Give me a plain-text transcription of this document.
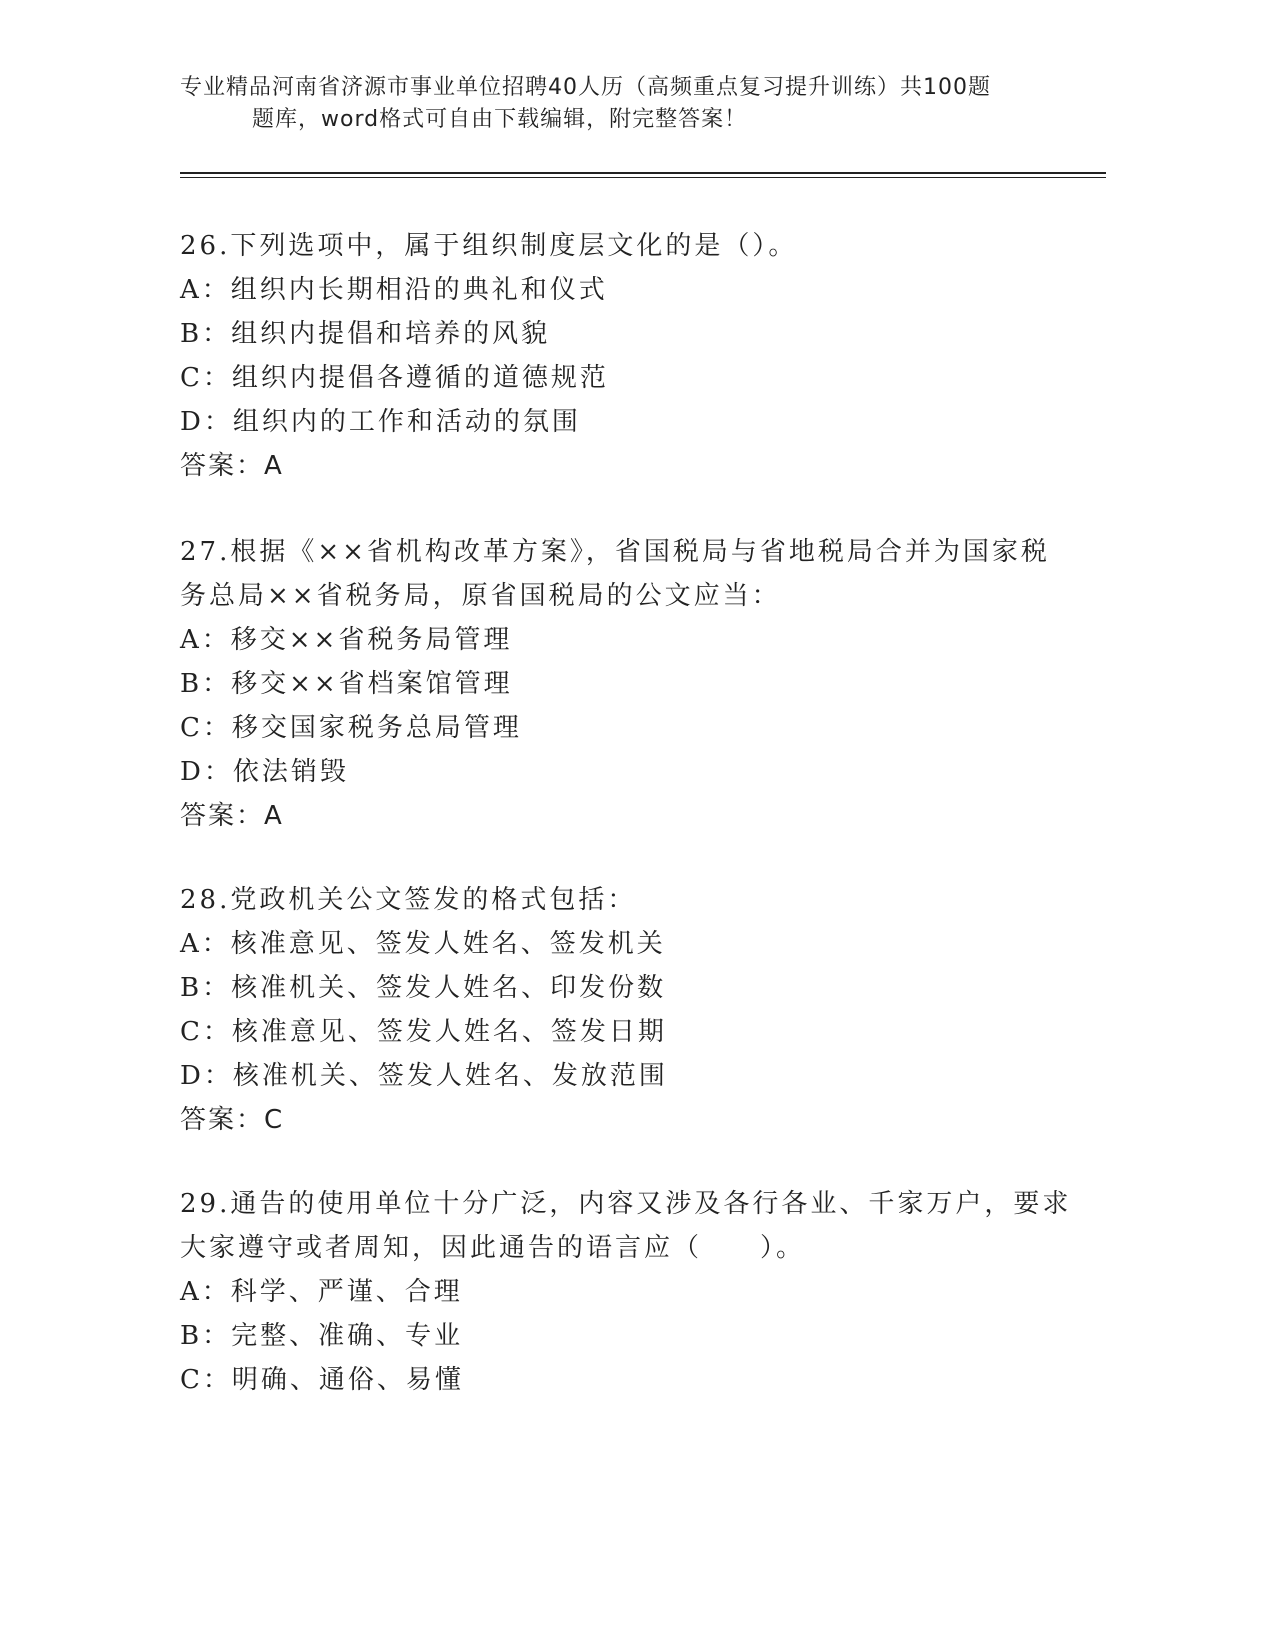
专业精品河南省济源市事业单位招聘40人历（高频重点复习提升训练）共100题
题库，word格式可自由下载编辑，附完整答案！
26.下列选项中，属于组织制度层文化的是（）。
A：组织内长期相沿的典礼和仪式
B：组织内提倡和培养的风貌
C：组织内提倡各遵循的道德规范
D：组织内的工作和活动的氛围
答案：A
27.根据《××省机构改革方案》，省国税局与省地税局合并为国家税
务总局××省税务局，原省国税局的公文应当：
A：移交××省税务局管理
B：移交××省档案馆管理
C：移交国家税务总局管理
D：依法销毁
答案：A
28.党政机关公文签发的格式包括：
A：核准意见、签发人姓名、签发机关
B：核准机关、签发人姓名、印发份数
C：核准意见、签发人姓名、签发日期
D：核准机关、签发人姓名、发放范围
答案：C
29.通告的使用单位十分广泛，内容又涉及各行各业、千家万户，要求
大家遵守或者周知，因此通告的语言应（　　）。
A：科学、严谨、合理
B：完整、准确、专业
C：明确、通俗、易懂
